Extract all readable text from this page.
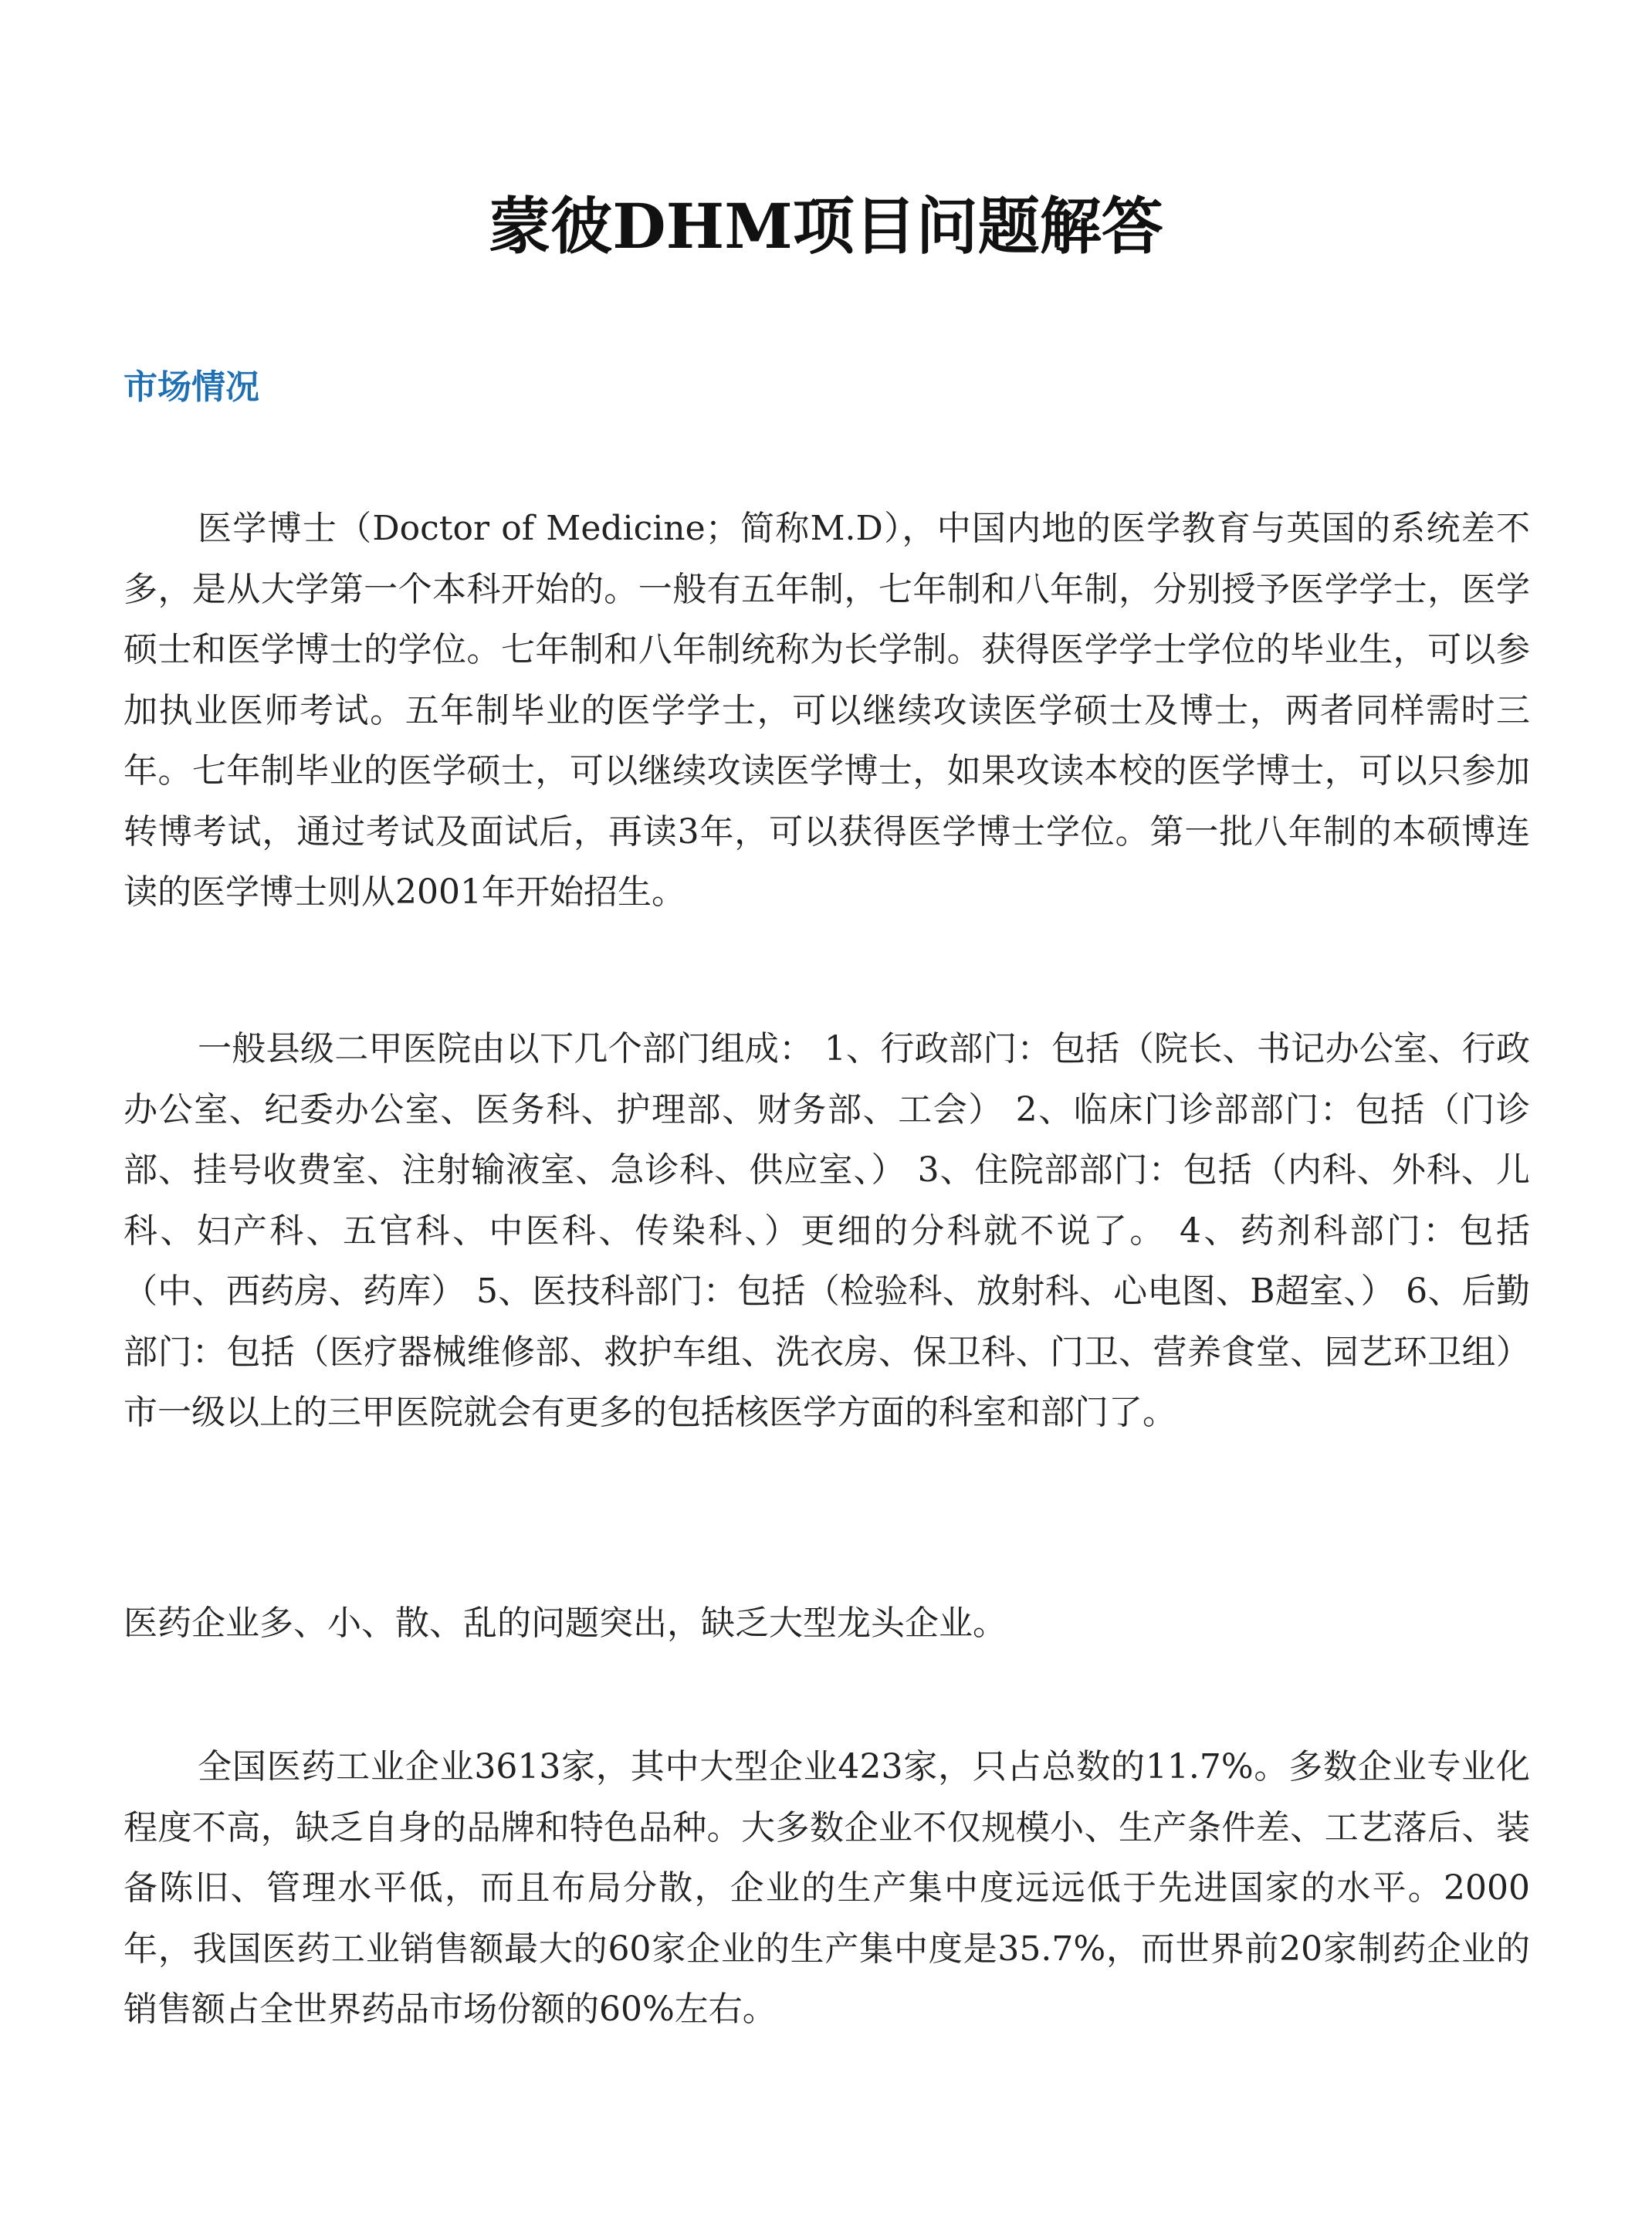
蒙彼DHM项目问题解答
市场情况

医学博士（Doctor of Medicine；简称M.D），中国内地的医学教育与英国的系统差不多，是从大学第一个本科开始的。一般有五年制，七年制和八年制，分别授予医学学士，医学硕士和医学博士的学位。七年制和八年制统称为长学制。获得医学学士学位的毕业生，可以参加执业医师考试。五年制毕业的医学学士，可以继续攻读医学硕士及博士，两者同样需时三年。七年制毕业的医学硕士，可以继续攻读医学博士，如果攻读本校的医学博士，可以只参加转博考试，通过考试及面试后，再读3年，可以获得医学博士学位。第一批八年制的本硕博连读的医学博士则从2001年开始招生。

一般县级二甲医院由以下几个部门组成： 1、行政部门：包括（院长、书记办公室、行政办公室、纪委办公室、医务科、护理部、财务部、工会） 2、临床门诊部部门：包括（门诊部、挂号收费室、注射输液室、急诊科、供应室、） 3、住院部部门：包括（内科、外科、儿科、妇产科、五官科、中医科、传染科、）更细的分科就不说了。 4、药剂科部门：包括（中、西药房、药库） 5、医技科部门：包括（检验科、放射科、心电图、B超室、） 6、后勤部门：包括（医疗器械维修部、救护车组、洗衣房、保卫科、门卫、营养食堂、园艺环卫组） 市一级以上的三甲医院就会有更多的包括核医学方面的科室和部门了。

医药企业多、小、散、乱的问题突出，缺乏大型龙头企业。

全国医药工业企业3613家，其中大型企业423家，只占总数的11.7%。多数企业专业化程度不高，缺乏自身的品牌和特色品种。大多数企业不仅规模小、生产条件差、工艺落后、装备陈旧、管理水平低，而且布局分散，企业的生产集中度远远低于先进国家的水平。2000年，我国医药工业销售额最大的60家企业的生产集中度是35.7%，而世界前20家制药企业的销售额占全世界药品市场份额的60%左右。
